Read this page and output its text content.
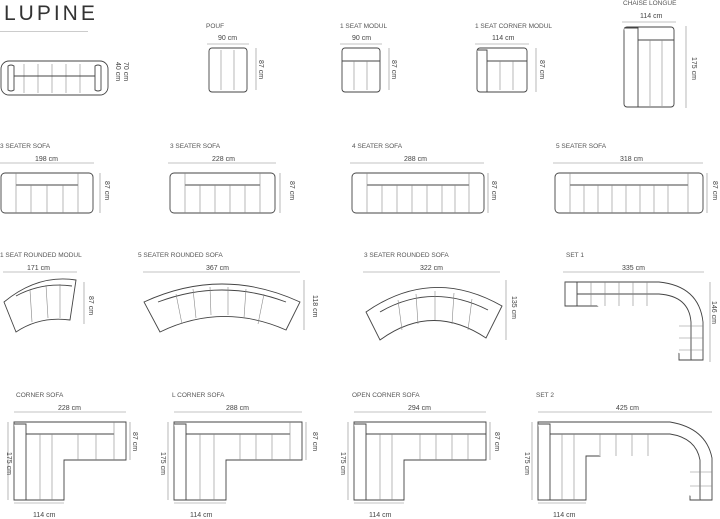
LUPINE
70 cm
40 cm
POUF
90 cm
87 cm
1 SEAT MODUL
90 cm
87 cm
1 SEAT CORNER MODUL
114 cm
87 cm
CHAISE LONGUE
114 cm
175 cm
3 SEATER SOFA
198 cm
87 cm
3 SEATER SOFA
228 cm
87 cm
4 SEATER SOFA
288 cm
87 cm
5 SEATER SOFA
318 cm
87 cm
1 SEAT ROUNDED MODUL
171 cm
87 cm
5 SEATER ROUNDED SOFA
367 cm
118 cm
3 SEATER ROUNDED SOFA
322 cm
135 cm
SET 1
335 cm
146 cm
CORNER SOFA
228 cm
87 cm
175 cm
114 cm
L CORNER SOFA
288 cm
87 cm
175 cm
114 cm
OPEN CORNER SOFA
294 cm
87 cm
175 cm
114 cm
SET 2
425 cm
175 cm
114 cm
